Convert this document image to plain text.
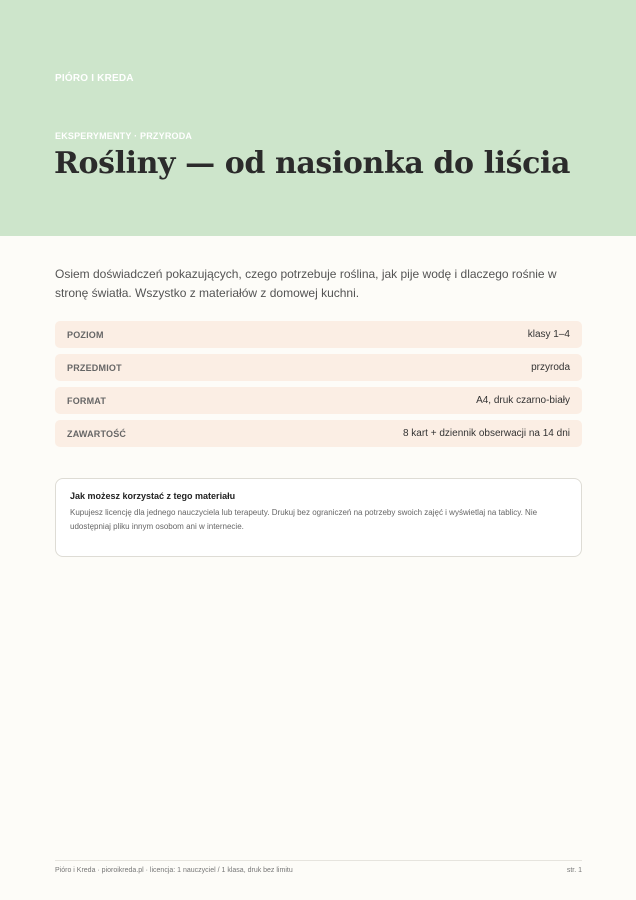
PIÓRO I KREDA
EKSPERYMENTY · PRZYRODA
Rośliny — od nasionka do liścia

Osiem doświadczeń pokazujących, czego potrzebuje roślina, jak pije wodę i dlaczego rośnie w stronę światła. Wszystko z materiałów z domowej kuchni.

POZIOM	klasy 1–4
PRZEDMIOT	przyroda
FORMAT	A4, druk czarno-biały
ZAWARTOŚĆ	8 kart + dziennik obserwacji na 14 dni
Jak możesz korzystać z tego materiału

Kupujesz licencję dla jednego nauczyciela lub terapeuty. Drukuj bez ograniczeń na potrzeby swoich zajęć i wyświetlaj na tablicy. Nie udostępniaj pliku innym osobom ani w internecie.

Pióro i Kreda · pioroikreda.pl · licencja: 1 nauczyciel / 1 klasa, druk bez limitu	str. 1
